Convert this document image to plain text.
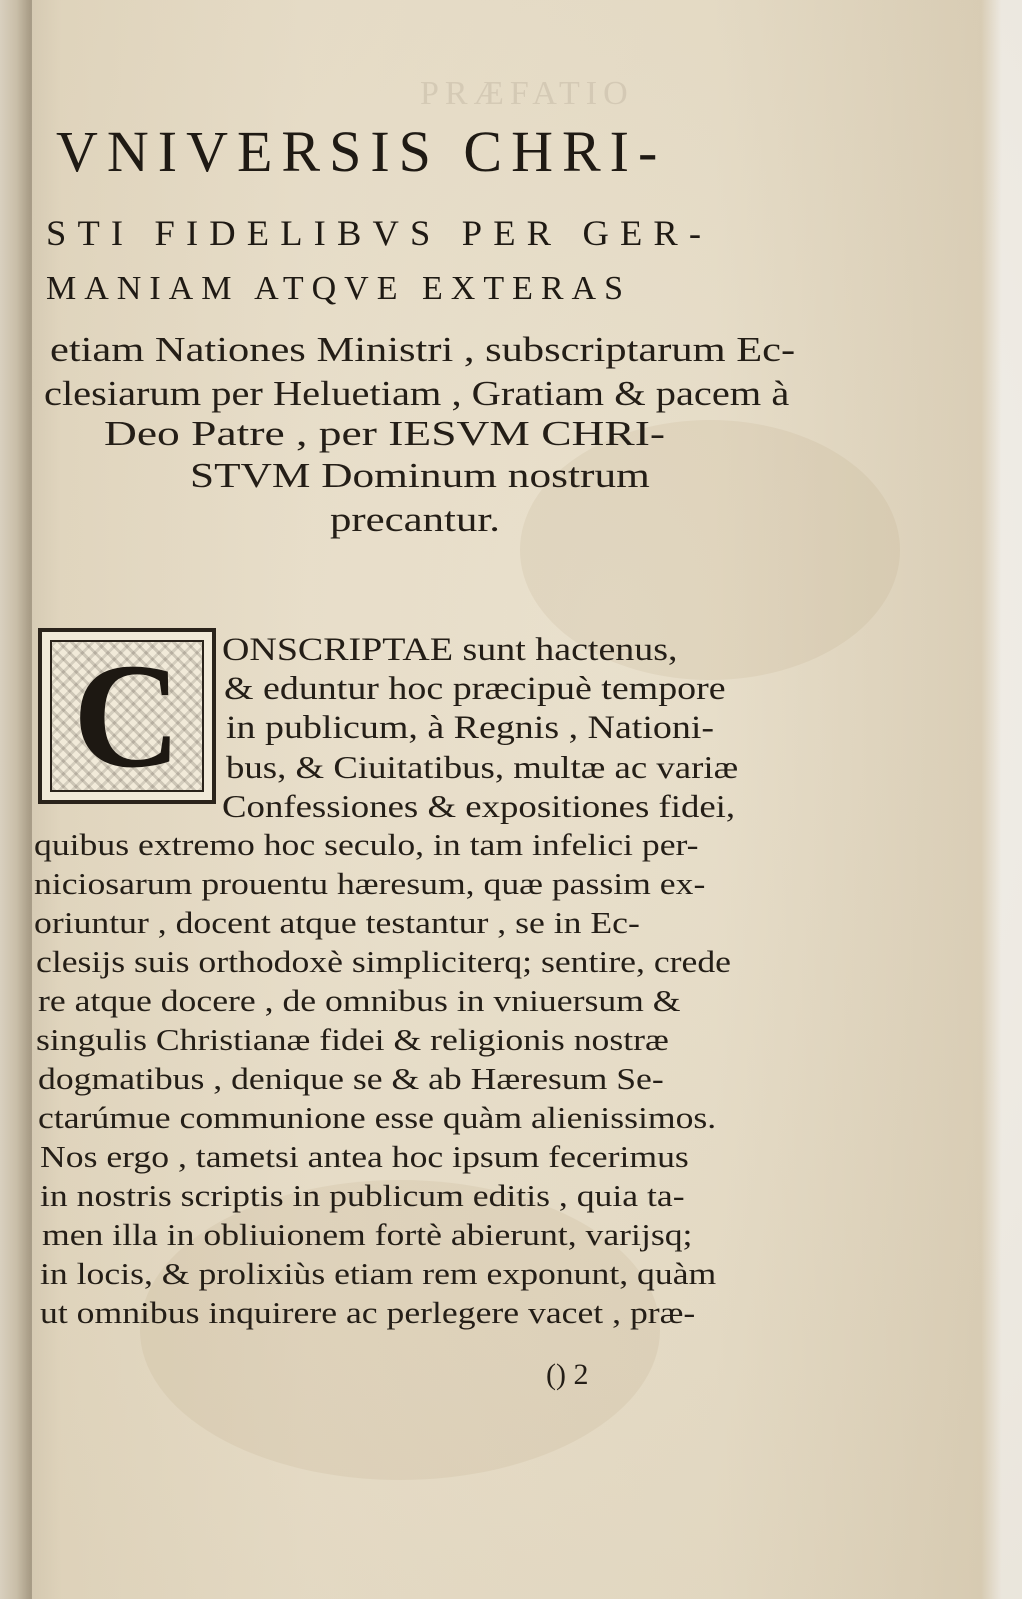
PRÆFATIO
VNIVERSIS CHRI-
STI FIDELIBVS PER GER-
MANIAM ATQVE EXTERAS
etiam Nationes Ministri , subscriptarum Ec-
clesiarum per Heluetiam , Gratiam & pacem à
Deo Patre , per IESVM CHRI-
STVM Dominum nostrum
precantur.
C ONSCRIPTAE sunt hactenus,
& eduntur hoc præcipuè tempore
in publicum, à Regnis , Nationi-
bus, & Ciuitatibus, multæ ac variæ
Confessiones & expositiones fidei,
quibus extremo hoc seculo, in tam infelici per-
niciosarum prouentu hæresum, quæ passim ex-
oriuntur , docent atque testantur , se in Ec-
clesijs suis orthodoxè simpliciterq; sentire, crede
re atque docere , de omnibus in vniuersum &
singulis Christianæ fidei & religionis nostræ
dogmatibus , denique se & ab Hæresum Se-
ctarúmue communione esse quàm alienissimos.
Nos ergo , tametsi antea hoc ipsum fecerimus
in nostris scriptis in publicum editis , quia ta-
men illa in obliuionem fortè abierunt, varijsq;
in locis, & prolixiùs etiam rem exponunt, quàm
ut omnibus inquirere ac perlegere vacet , præ-
() 2
